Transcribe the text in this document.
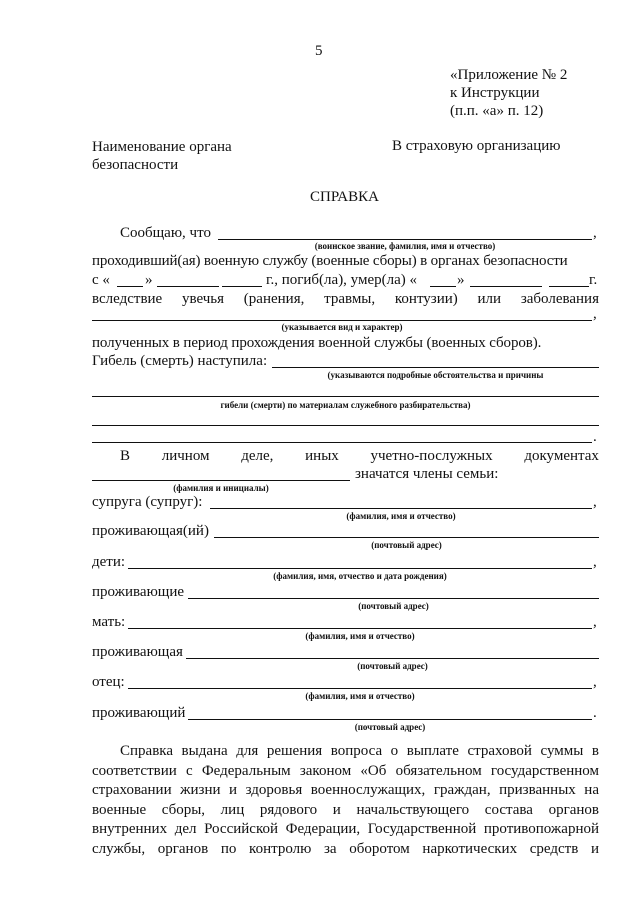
5
«Приложение № 2
к Инструкции
(п.п. «а» п. 12)
Наименование органа
безопасности
В страховую организацию
СПРАВКА
Сообщаю, что	,
(воинское звание, фамилия, имя и отчество)
проходивший(ая) военную службу (военные сборы) в органах безопасности
с « »	г., погиб(ла), умер(ла) «	»	г.
вследствие увечья (ранения, травмы, контузии) или заболевания
,
(указывается вид и характер)
полученных в период прохождения военной службы (военных сборов).
Гибель (смерть) наступила:
(указываются подробные обстоятельства и причины
гибели (смерти) по материалам служебного разбирательства)
.
В личном деле, иных учетно-послужных документах
значатся члены семьи:
(фамилия и инициалы)
супруга (супруг):	,
(фамилия, имя и отчество)
проживающая(ий)
(почтовый адрес)
дети:	,
(фамилия, имя, отчество и дата рождения)
проживающие
(почтовый адрес)
мать:	,
(фамилия, имя и отчество)
проживающая
(почтовый адрес)
отец:	,
(фамилия, имя и отчество)
проживающий	.
(почтовый адрес)
Справка выдана для решения вопроса о выплате страховой суммы в
соответствии с Федеральным законом «Об обязательном государственном
страховании жизни и здоровья военнослужащих, граждан, призванных на
военные сборы, лиц рядового и начальствующего состава органов
внутренних дел Российской Федерации, Государственной противопожарной
службы, органов по контролю за оборотом наркотических средств и
